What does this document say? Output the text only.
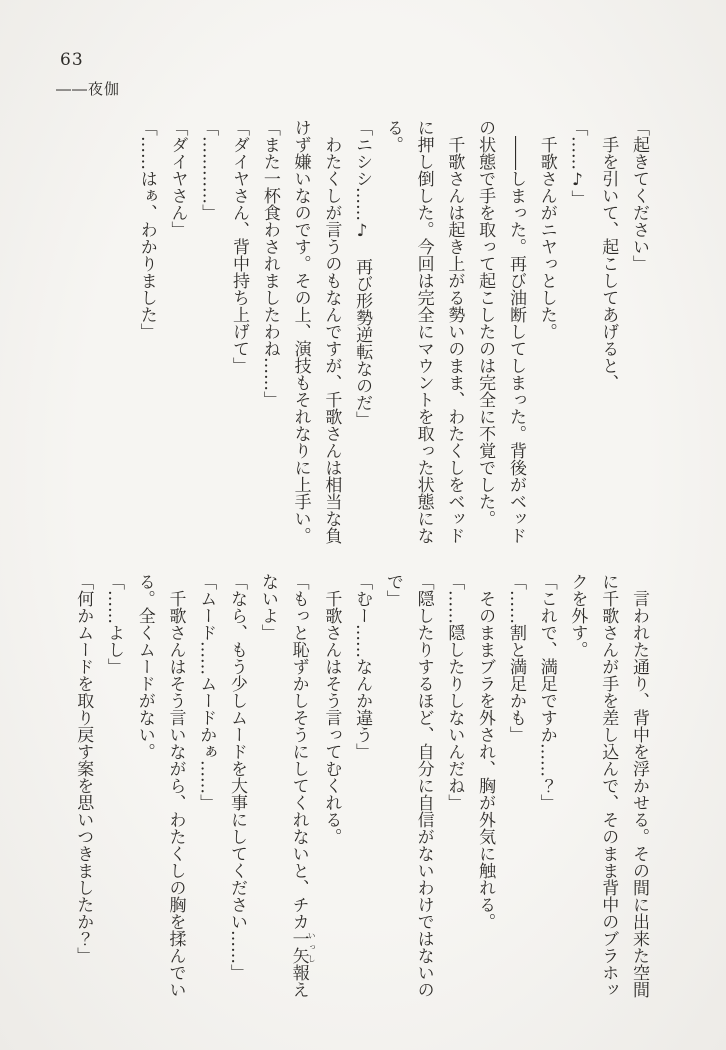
63
――夜伽

「起きてください」

手を引いて、起こしてあげると、

「……♪」

千歌さんがニヤっとした。

――しまった。再び油断してしまった。背後がベッド

の状態で手を取って起こしたのは完全に不覚でした。

千歌さんは起き上がる勢いのまま、わたくしをベッド

に押し倒した。今回は完全にマウントを取った状態にな

る。

「ニシシ……♪　再び形勢逆転なのだ」

わたくしが言うのもなんですが、千歌さんは相当な負

けず嫌いなのです。その上、演技もそれなりに上手い。

「また一杯食わされましたわね……」

「ダイヤさん、背中持ち上げて」

「…………」

「ダイヤさん」

「……はぁ、わかりました」

言われた通り、背中を浮かせる。その間に出来た空間

に千歌さんが手を差し込んで、そのまま背中のブラホッ

クを外す。

「これで、満足ですか……？」

「……割と満足かも」

そのままブラを外され、胸が外気に触れる。

「……隠したりしないんだね」

「隠したりするほど、自分に自信がないわけではないの

で」

「むー……なんか違う」

千歌さんはそう言ってむくれる。

「もっと恥ずかしそうにしてくれないと、チカ一矢いっし報え

ないよ」

「なら、もう少しムードを大事にしてください……」

「ムード……ムードかぁ……」

千歌さんはそう言いながら、わたくしの胸を揉んでい

る。全くムードがない。

「……よし」

「何かムードを取り戻す案を思いつきましたか？」
